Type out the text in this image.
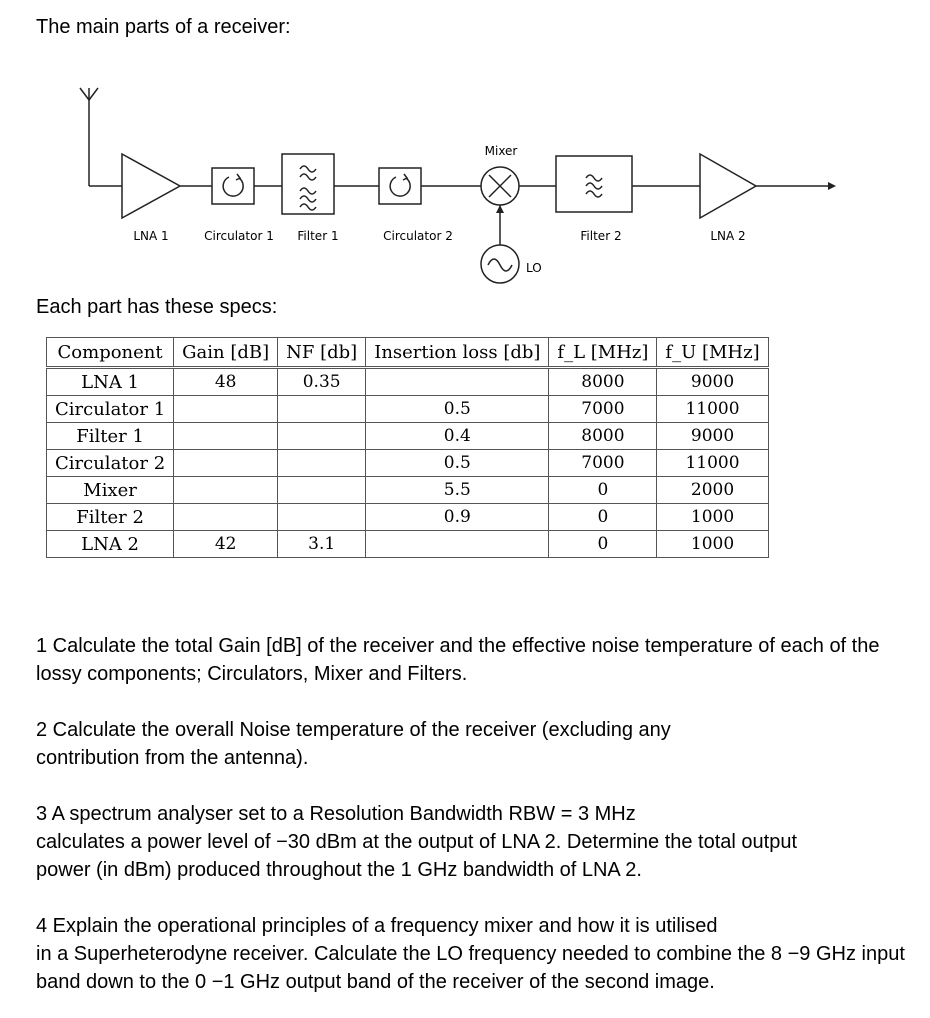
The main parts of a receiver:
LNA 1	Circulator 1 Filter 1	Circulator 2
Mixer
Filter 2	LNA 2
LO
Each part has these specs:
Component	Gain [dB]	NF [db]	Insertion loss [db]	f_L [MHz]	f_U [MHz]
LNA 1	48	0.35		8000	9000
Circulator 1			0.5	7000	11000
Filter 1			0.4	8000	9000
Circulator 2			0.5	7000	11000
Mixer			5.5	0	2000
Filter 2			0.9	0	1000
LNA 2	42	3.1		0	1000

1 Calculate the total Gain [dB] of the receiver and the effective noise temperature of each of the lossy components; Circulators, Mixer and Filters.

2 Calculate the overall Noise temperature of the receiver (excluding any contribution from the antenna).

3 A spectrum analyser set to a Resolution Bandwidth RBW = 3 MHz

calculates a power level of −30 dBm at the output of LNA 2. Determine the total output power (in dBm) produced throughout the 1 GHz bandwidth of LNA 2.

4 Explain the operational principles of a frequency mixer and how it is utilised

in a Superheterodyne receiver. Calculate the LO frequency needed to combine the 8 −9 GHz input band down to the 0 −1 GHz output band of the receiver of the second image.
